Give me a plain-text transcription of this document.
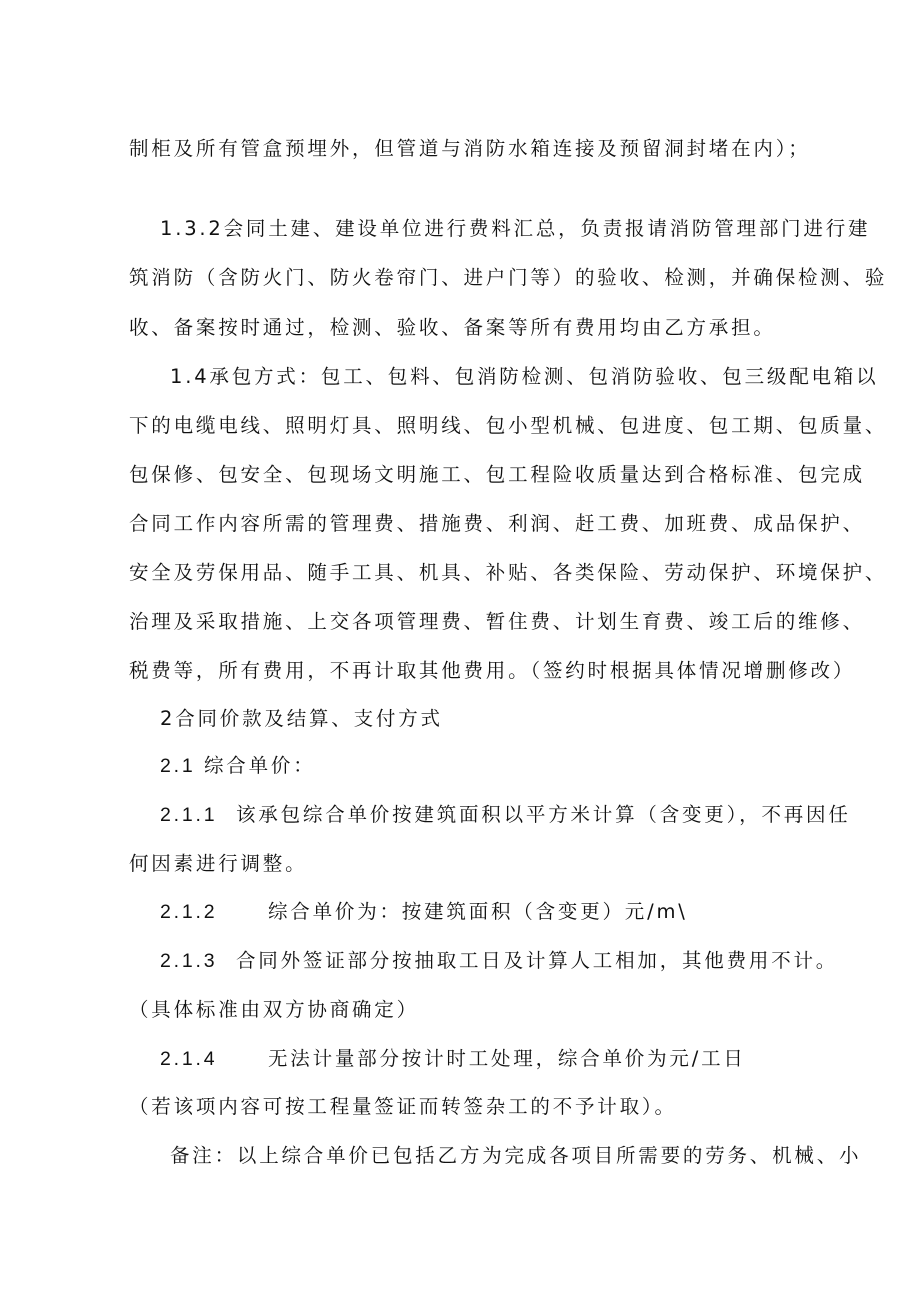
制柜及所有管盒预埋外，但管道与消防水箱连接及预留洞封堵在内）；
1.3.2会同土建、建设单位进行费料汇总，负责报请消防管理部门进行建
筑消防（含防火门、防火卷帘门、进户门等）的验收、检测，并确保检测、验
收、备案按时通过，检测、验收、备案等所有费用均由乙方承担。
1.4承包方式：包工、包料、包消防检测、包消防验收、包三级配电箱以
下的电缆电线、照明灯具、照明线、包小型机械、包进度、包工期、包质量、
包保修、包安全、包现场文明施工、包工程险收质量达到合格标准、包完成
合同工作内容所需的管理费、措施费、利润、赶工费、加班费、成品保护、
安全及劳保用品、随手工具、机具、补贴、各类保险、劳动保护、环境保护、
治理及采取措施、上交各项管理费、暂住费、计划生育费、竣工后的维修、
税费等，所有费用，不再计取其他费用。（签约时根据具体情况增删修改）
2合同价款及结算、支付方式
2.1 综合单价：
2.1.1 该承包综合单价按建筑面积以平方米计算（含变更），不再因任
何因素进行调整。
2.1.2	综合单价为：按建筑面积（含变更）元/m\
2.1.3 合同外签证部分按抽取工日及计算人工相加，其他费用不计。
（具体标准由双方协商确定）
2.1.4	无法计量部分按计时工处理，综合单价为元/工日
（若该项内容可按工程量签证而转签杂工的不予计取）。
备注：以上综合单价已包括乙方为完成各项目所需要的劳务、机械、小
